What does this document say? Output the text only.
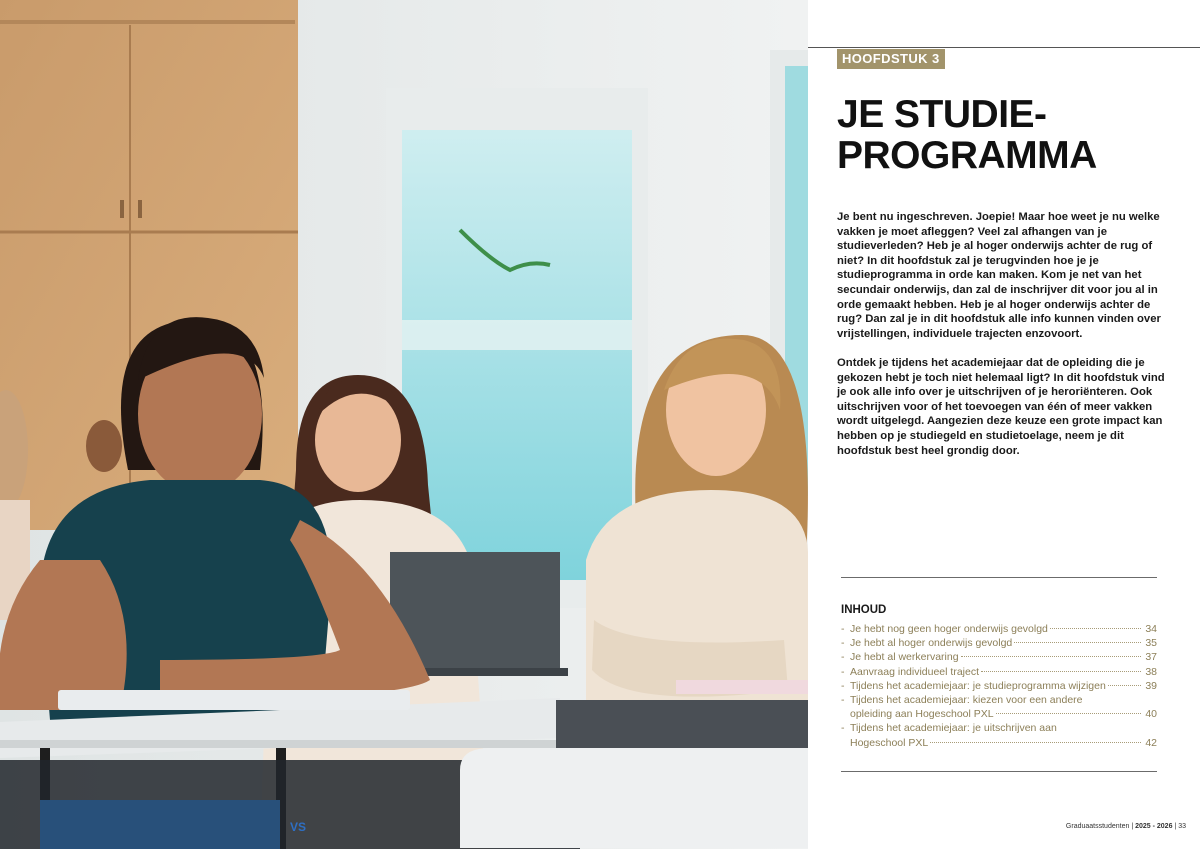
VS
HOOFDSTUK 3
JE STUDIE-
PROGRAMMA

Je bent nu ingeschreven. Joepie! Maar hoe weet je nu welke vakken je moet afleggen? Veel zal afhangen van je studieverleden? Heb je al hoger onderwijs achter de rug of niet? In dit hoofdstuk zal je terugvinden hoe je je studieprogramma in orde kan maken. Kom je net van het secundair onderwijs, dan zal de inschrijver dit voor jou al in orde gemaakt hebben. Heb je al hoger onderwijs achter de rug? Dan zal je in dit hoofdstuk alle info kunnen vinden over vrijstellingen, individuele trajecten enzovoort.

Ontdek je tijdens het academiejaar dat de opleiding die je gekozen hebt je toch niet helemaal ligt? In dit hoofdstuk vind je ook alle info over je uitschrijven of je heroriënteren. Ook uitschrijven voor of het toevoegen van één of meer vakken wordt uitgelegd. Aangezien deze keuze een grote impact kan hebben op je studiegeld en studietoelage, neem je dit hoofdstuk best heel grondig door.

INHOUD
- Je hebt nog geen hoger onderwijs gevolgd	34
- Je hebt al hoger onderwijs gevolgd	35
- Je hebt al werkervaring	37
- Aanvraag individueel traject	38
- Tijdens het academiejaar: je studieprogramma wijzigen	39
- Tijdens het academiejaar: kiezen voor een andere
opleiding aan Hogeschool PXL	40
- Tijdens het academiejaar: je uitschrijven aan
Hogeschool PXL	42
Graduaatsstudenten | 2025 - 2026 | 33
